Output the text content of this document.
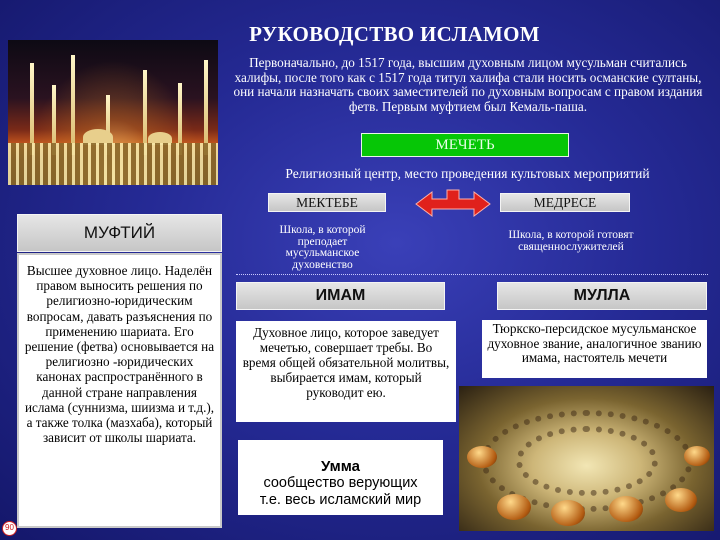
РУКОВОДСТВО ИСЛАМОМ
Первоначально, до 1517 года, высшим духовным лицом мусульман считались халифы, после того как с 1517 года титул халифа стали носить османские султаны, они начали назначать своих заместителей по духовным вопросам с правом издания фетв. Первым муфтием был Кемаль-паша.
МЕЧЕТЬ
Религиозный центр, место проведения культовых мероприятий
МЕКТЕБЕ	МЕДРЕСЕ
МУФТИЙ
Высшее духовное лицо. Наделён правом выносить решения по религиозно-юридическим вопросам, давать разъяснения по применению шариата. Его решение (фетва) основывается на религиозно -юридических канонах распространённого в данной стране направления ислама (суннизма, шиизма и т.д.), а также толка (мазхаба), который зависит от школы шариата.
Школа, в которой преподает мусульманское духовенство
Школа, в которой готовят священнослужителей
ИМАМ	МУЛЛА
Духовное лицо, которое заведует мечетью, совершает требы. Во время общей обязательной молитвы, выбирается имам, который руководит ею.
Тюркско-персидское мусульманское духовное звание, аналогичное званию имама, настоятель мечети
Умма
сообщество верующих
т.е. весь исламский мир
90
